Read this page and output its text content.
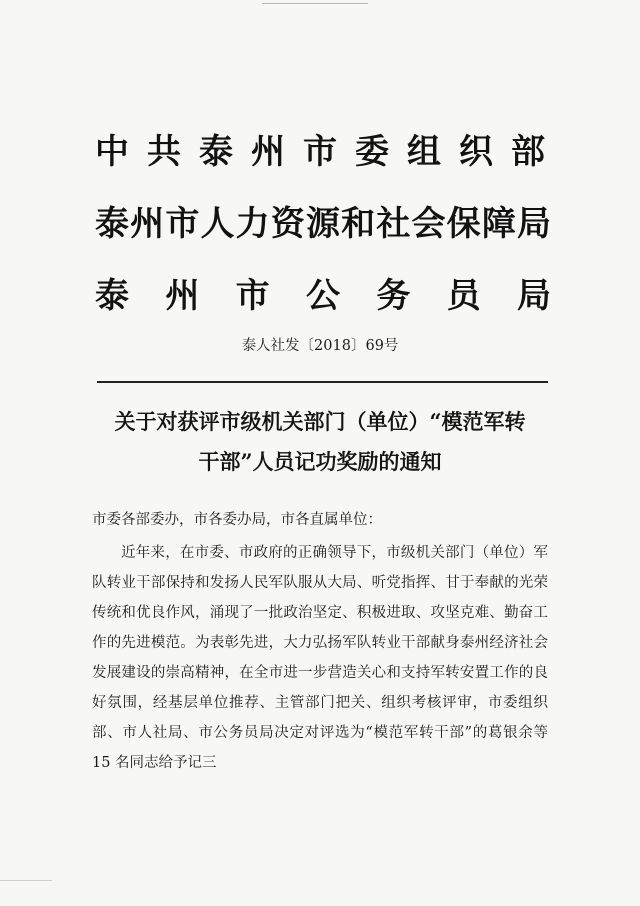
中共泰州市委组织部
泰州市人力资源和社会保障局
泰 州 市 公 务 员 局
泰人社发〔2018〕69号
关于对获评市级机关部门（单位）“模范军转
干部”人员记功奖励的通知
市委各部委办，市各委办局，市各直属单位：
近年来，在市委、市政府的正确领导下，市级机关部门（单位）军队转业干部保持和发扬人民军队服从大局、听党指挥、甘于奉献的光荣传统和优良作风，涌现了一批政治坚定、积极进取、攻坚克难、勤奋工作的先进模范。为表彰先进，大力弘扬军队转业干部献身泰州经济社会发展建设的崇高精神，在全市进一步营造关心和支持军转安置工作的良好氛围，经基层单位推荐、主管部门把关、组织考核评审，市委组织部、市人社局、市公务员局决定对评选为“模范军转干部”的葛银余等 15 名同志给予记三
